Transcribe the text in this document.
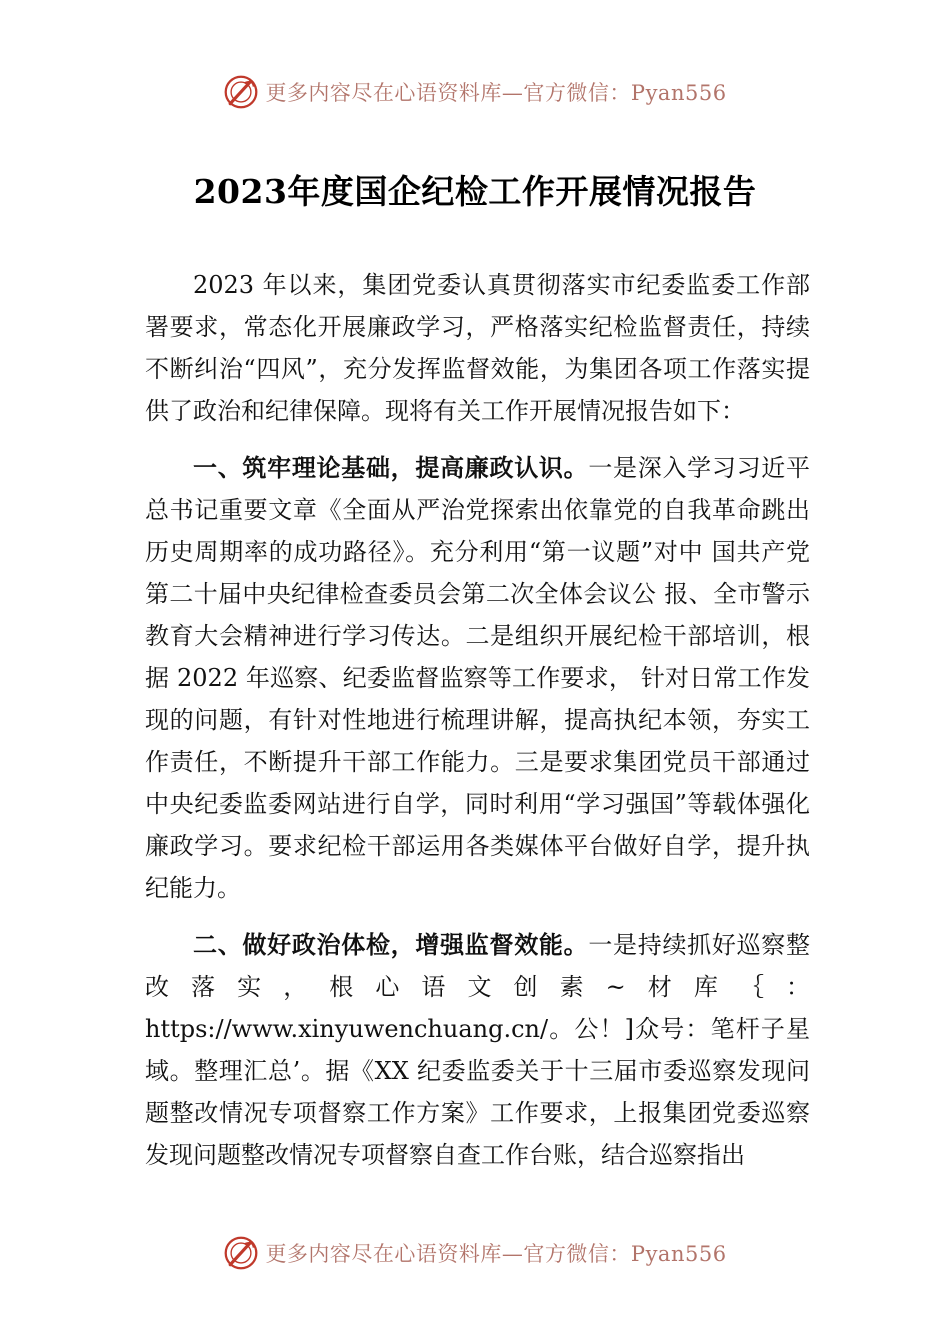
更多内容尽在心语资料库—官方微信：Pyan556
2023年度国企纪检工作开展情况报告

2023 年以来，集团党委认真贯彻落实市纪委监委工作部署要求，常态化开展廉政学习，严格落实纪检监督责任，持续不断纠治“四风”，充分发挥监督效能，为集团各项工作落实提供了政治和纪律保障。现将有关工作开展情况报告如下：

一、筑牢理论基础，提高廉政认识。一是深入学习习近平总书记重要文章《全面从严治党探索出依靠党的自我革命跳出历史周期率的成功路径》。充分利用“第一议题”对中 国共产党第二十届中央纪律检查委员会第二次全体会议公 报、全市警示教育大会精神进行学习传达。二是组织开展纪检干部培训，根据 2022 年巡察、纪委监督监察等工作要求， 针对日常工作发现的问题，有针对性地进行梳理讲解，提高执纪本领，夯实工作责任，不断提升干部工作能力。三是要求集团党员干部通过中央纪委监委网站进行自学，同时利用“学习强国”等载体强化廉政学习。要求纪检干部运用各类媒体平台做好自学，提升执纪能力。

二、做好政治体检，增强监督效能。一是持续抓好巡察整改落实，根心语文创素~材库｛：https://www.xinyuwenchuang.cn/。公！]众号：笔杆子星域。整理汇总’。据《XX 纪委监委关于十三届市委巡察发现问题整改情况专项督察工作方案》工作要求，上报集团党委巡察发现问题整改情况专项督察自查工作台账，结合巡察指出

更多内容尽在心语资料库—官方微信：Pyan556
